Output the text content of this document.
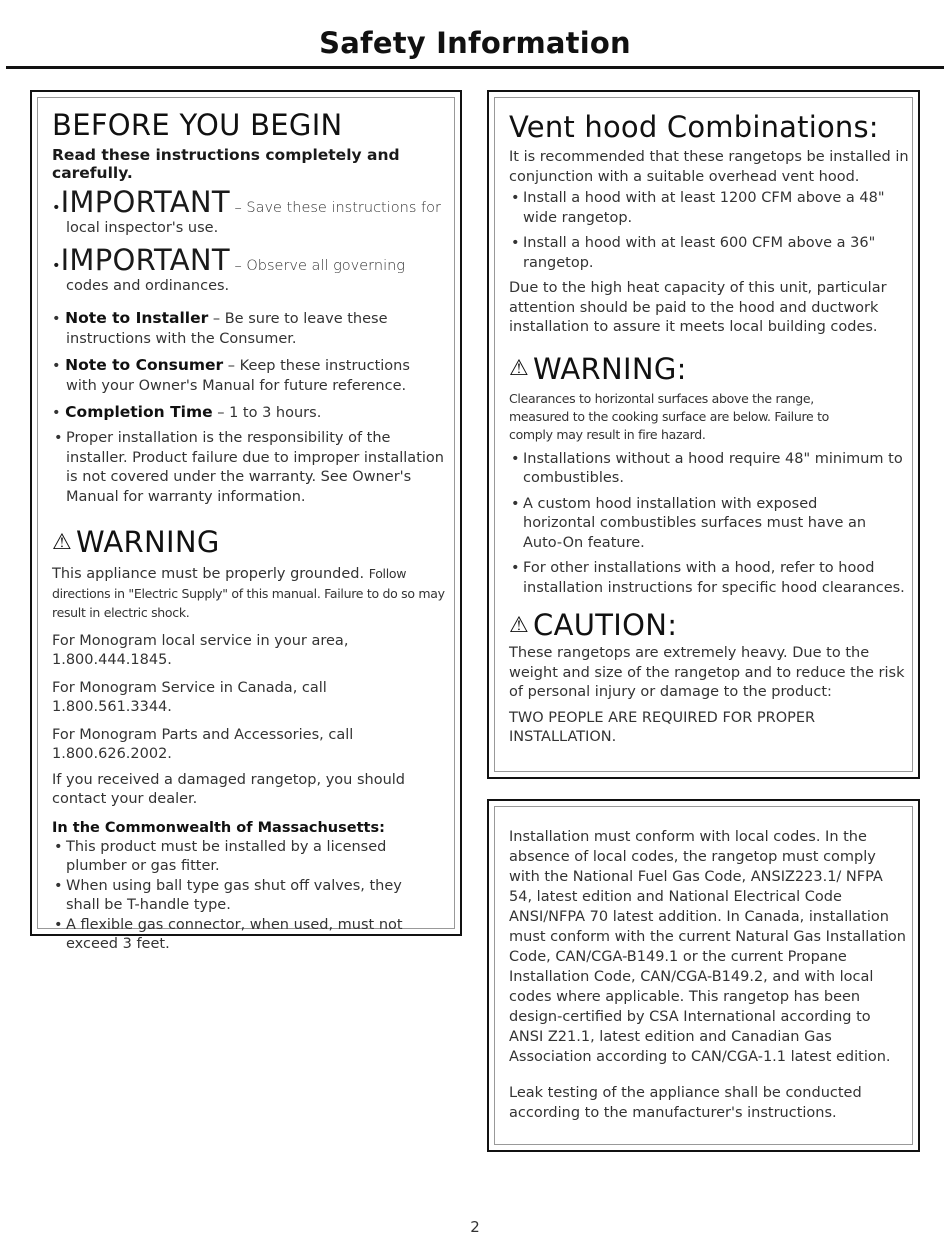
Safety Information
BEFORE YOU BEGIN
Read these instructions completely and carefully.
•IMPORTANT – Save these instructions for
local inspector's use.
•IMPORTANT – Observe all governing
codes and ordinances.
• Note to Installer – Be sure to leave these
instructions with the Consumer.
• Note to Consumer – Keep these instructions
with your Owner's Manual for future reference.
• Completion Time – 1 to 3 hours.
• Proper installation is the responsibility of the installer. Product failure due to improper installation is not covered under the warranty. See Owner's Manual for warranty information.
⚠ WARNING

This appliance must be properly grounded. Follow directions in "Electric Supply" of this manual. Failure to do so may result in electric shock.

For Monogram local service in your area, 1.800.444.1845.

For Monogram Service in Canada, call 1.800.561.3344.

For Monogram Parts and Accessories, call 1.800.626.2002.

If you received a damaged rangetop, you should contact your dealer.

In the Commonwealth of Massachusetts:
• This product must be installed by a licensed plumber or gas fitter.
• When using ball type gas shut off valves, they shall be T-handle type.
• A flexible gas connector, when used, must not exceed 3 feet.
Vent hood Combinations:

It is recommended that these rangetops be installed in conjunction with a suitable overhead vent hood.

• Install a hood with at least 1200 CFM above a 48" wide rangetop.
• Install a hood with at least 600 CFM above a 36" rangetop.

Due to the high heat capacity of this unit, particular attention should be paid to the hood and ductwork installation to assure it meets local building codes.

⚠ WARNING:

Clearances to horizontal surfaces above the range, measured to the cooking surface are below. Failure to comply may result in fire hazard.

• Installations without a hood require 48" minimum to combustibles.
• A custom hood installation with exposed horizontal combustibles surfaces must have an Auto-On feature.
• For other installations with a hood, refer to hood installation instructions for specific hood clearances.
⚠ CAUTION:

These rangetops are extremely heavy. Due to the weight and size of the rangetop and to reduce the risk of personal injury or damage to the product:

TWO PEOPLE ARE REQUIRED FOR PROPER INSTALLATION.

Installation must conform with local codes. In the absence of local codes, the rangetop must comply with the National Fuel Gas Code, ANSIZ223.1/ NFPA 54, latest edition and National Electrical Code ANSI/NFPA 70 latest addition. In Canada, installation must conform with the current Natural Gas Installation Code, CAN/CGA-B149.1 or the current Propane Installation Code, CAN/CGA-B149.2, and with local codes where applicable. This rangetop has been design-certified by CSA International according to ANSI Z21.1, latest edition and Canadian Gas Association according to CAN/CGA-1.1 latest edition.

Leak testing of the appliance shall be conducted according to the manufacturer's instructions.

2
